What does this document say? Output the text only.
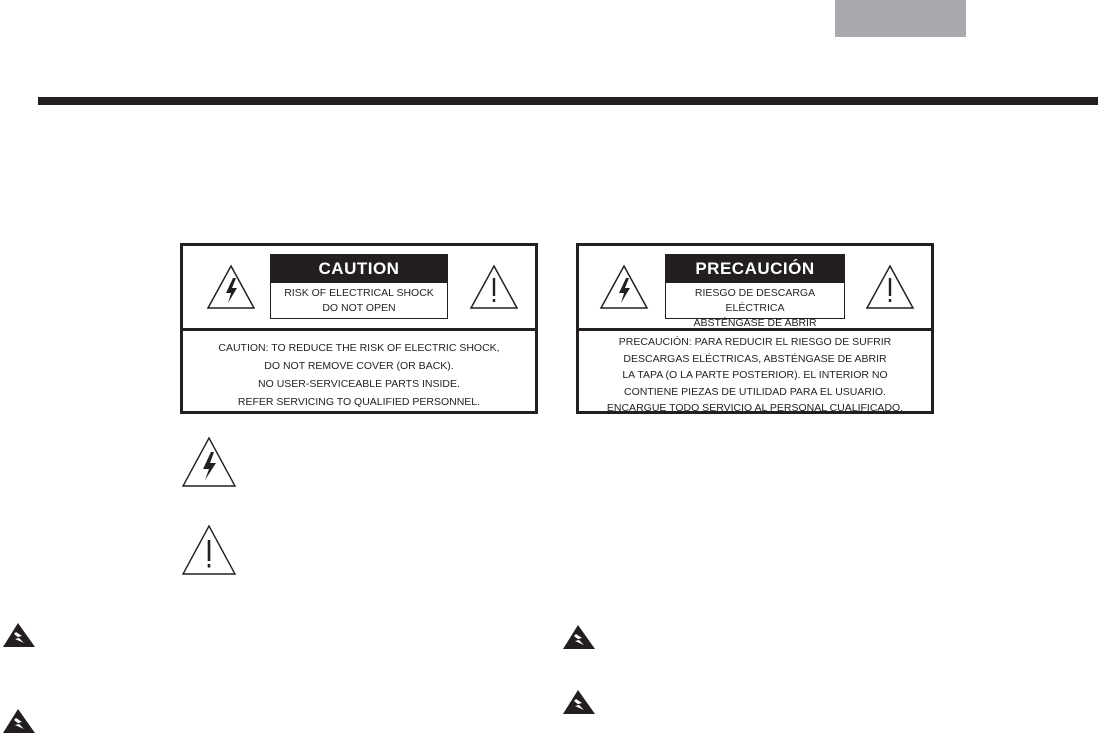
CAUTION
RISK OF ELECTRICAL SHOCK
DO NOT OPEN
CAUTION: TO REDUCE THE RISK OF ELECTRIC SHOCK,
DO NOT REMOVE COVER (OR BACK).
NO USER-SERVICEABLE PARTS INSIDE.
REFER SERVICING TO QUALIFIED PERSONNEL.
PRECAUCIÓN
RIESGO DE DESCARGA ELÉCTRICA
ABSTÉNGASE DE ABRIR
PRECAUCIÓN: PARA REDUCIR EL RIESGO DE SUFRIR
DESCARGAS ELÉCTRICAS, ABSTÉNGASE DE ABRIR
LA TAPA (O LA PARTE POSTERIOR). EL INTERIOR NO
CONTIENE PIEZAS DE UTILIDAD PARA EL USUARIO.
ENCARGUE TODO SERVICIO AL PERSONAL CUALIFICADO.
